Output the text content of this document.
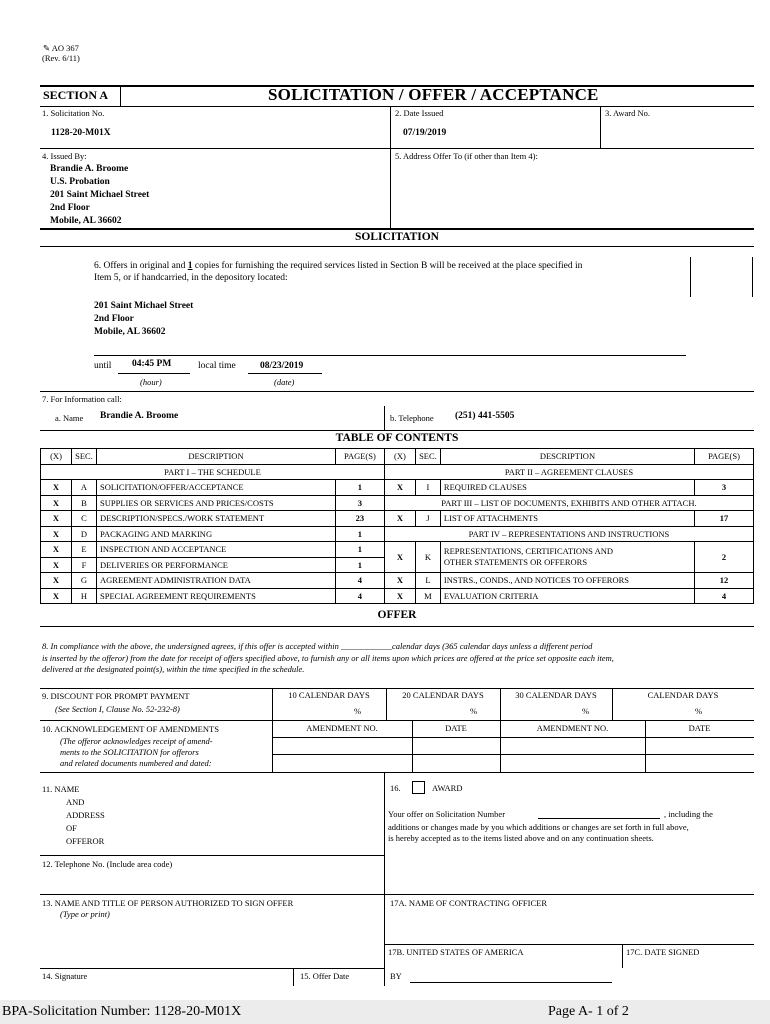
✎ AO 367
(Rev. 6/11)
SECTION A	SOLICITATION / OFFER / ACCEPTANCE
1. Solicitation No.
1128-20-M01X
2. Date Issued
07/19/2019
3. Award No.
4. Issued By:
Brandie A. Broome
U.S. Probation
201 Saint Michael Street
2nd Floor
Mobile, AL 36602
5. Address Offer To (if other than Item 4):
SOLICITATION
6. Offers in original and 1 copies for furnishing the required services listed in Section B will be received at the place specified in
Item 5, or if handcarried, in the depository located:
201 Saint Michael Street
2nd Floor
Mobile, AL 36602
until 04:45 PM	local time	08/23/2019
(hour)	(date)
7. For Information call:
a. Name Brandie A. Broome	b. Telephone (251) 441-5505
TABLE OF CONTENTS
(X)	SEC.	DESCRIPTION	PAGE(S)	(X)	SEC.	DESCRIPTION	PAGE(S)
PART I – THE SCHEDULE				PART II – AGREEMENT CLAUSES			
X	A	SOLICITATION/OFFER/ACCEPTANCE	1	X	I	REQUIRED CLAUSES	3
X	B	SUPPLIES OR SERVICES AND PRICES/COSTS	3	PART III – LIST OF DOCUMENTS, EXHIBITS AND OTHER ATTACH.			
X	C	DESCRIPTION/SPECS./WORK STATEMENT	23	X	J	LIST OF ATTACHMENTS	17
X	D	PACKAGING AND MARKING	1	PART IV – REPRESENTATIONS AND INSTRUCTIONS			
X	E	INSPECTION AND ACCEPTANCE	1	X	K	REPRESENTATIONS, CERTIFICATIONS AND
OTHER STATEMENTS OR OFFERORS	2
X	F	DELIVERIES OR PERFORMANCE	1				
X	G	AGREEMENT ADMINISTRATION DATA	4	X	L	INSTRS., CONDS., AND NOTICES TO OFFERORS	12
X	H	SPECIAL AGREEMENT REQUIREMENTS	4	X	M	EVALUATION CRITERIA	4
OFFER
8. In compliance with the above, the undersigned agrees, if this offer is accepted within ____________calendar days (365 calendar days unless a different period
is inserted by the offeror) from the date for receipt of offers specified above, to furnish any or all items upon which prices are offered at the price set opposite each item,
delivered at the designated point(s), within the time specified in the schedule.
9. DISCOUNT FOR PROMPT PAYMENT
(See Section I, Clause No. 52-232-8)
10 CALENDAR DAYS	20 CALENDAR DAYS	30 CALENDAR DAYS	CALENDAR DAYS
%	%	%	%
10. ACKNOWLEDGEMENT OF AMENDMENTS
(The offeror acknowledges receipt of amend-
ments to the SOLICITATION for offerors
and related documents numbered and dated:
AMENDMENT NO.	DATE	AMENDMENT NO.	DATE
11. NAME
AND
ADDRESS
OF
OFFEROR
12. Telephone No. (Include area code)
13. NAME AND TITLE OF PERSON AUTHORIZED TO SIGN OFFER
(Type or print)
14. Signature	15. Offer Date
16.	AWARD
Your offer on Solicitation Number	, including the
additions or changes made by you which additions or changes are set forth in full above,
is hereby accepted as to the items listed above and on any continuation sheets.
17A. NAME OF CONTRACTING OFFICER
17B. UNITED STATES OF AMERICA	17C. DATE SIGNED
BY
BPA-Solicitation Number: 1128-20-M01X	Page A- 1 of 2
